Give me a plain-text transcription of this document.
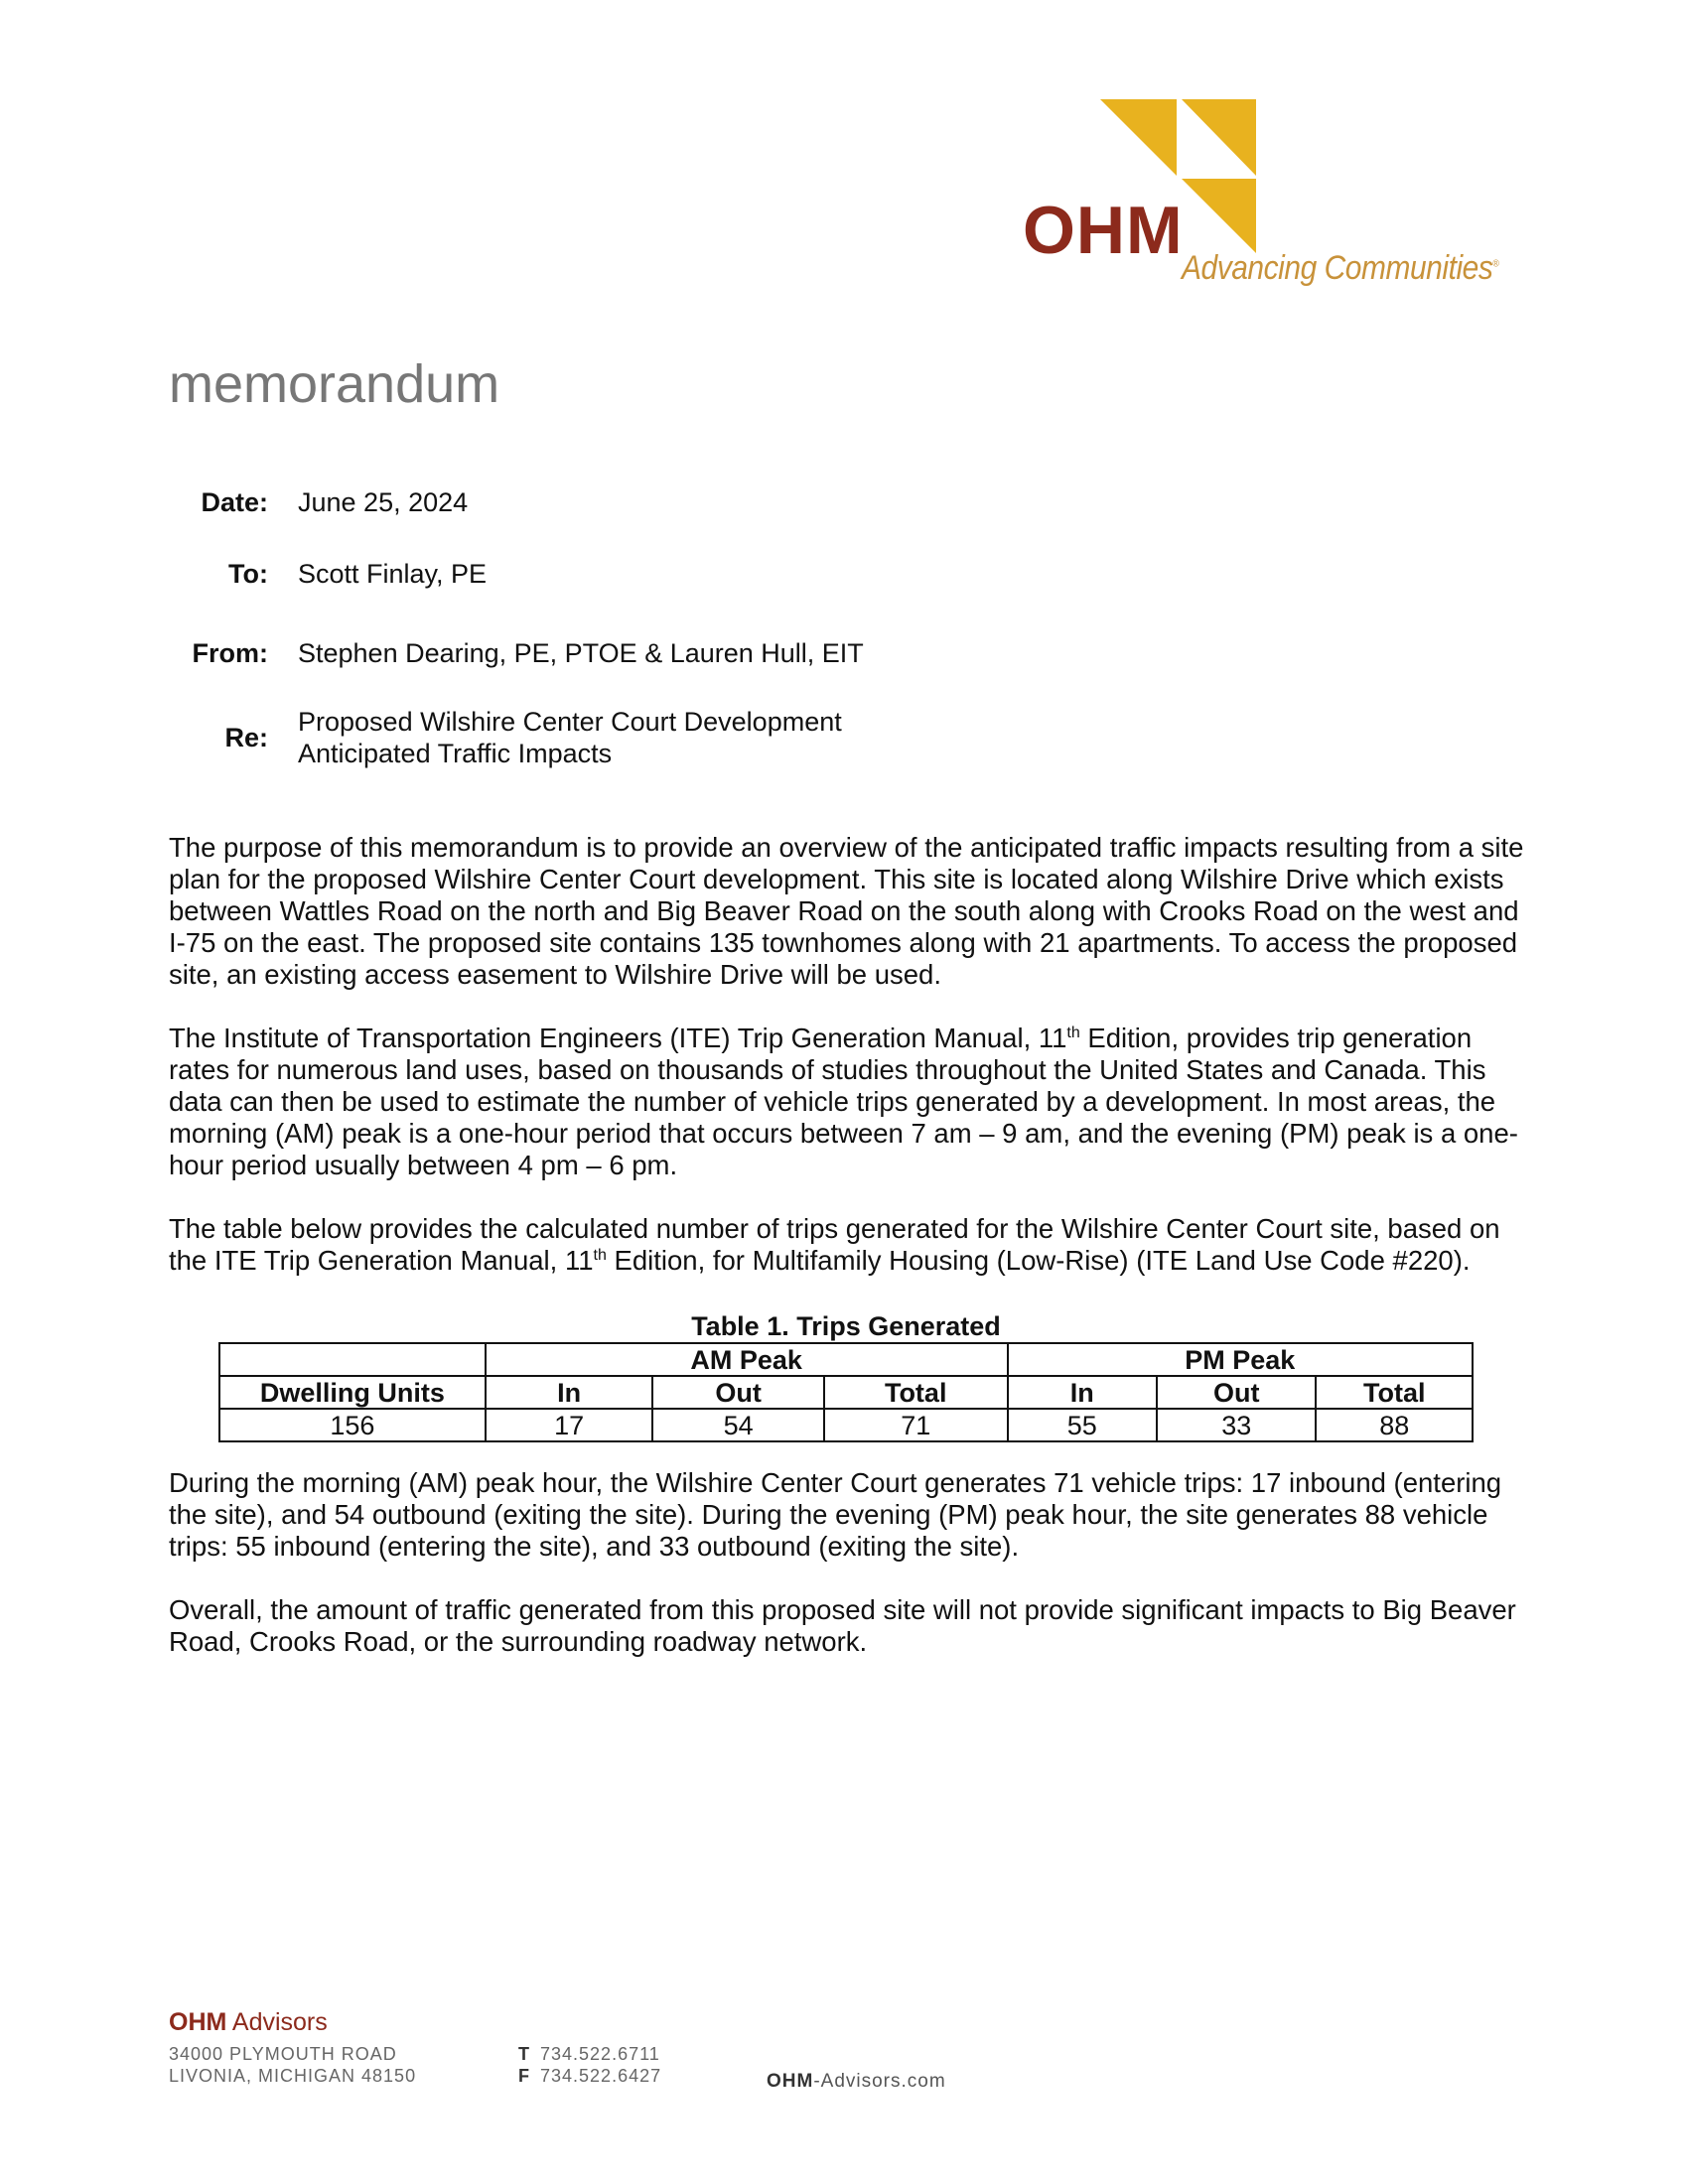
OHM
Advancing Communities®
memorandum
Date: June 25, 2024
To: Scott Finlay, PE
From: Stephen Dearing, PE, PTOE & Lauren Hull, EIT
Re:
Proposed Wilshire Center Court Development
Anticipated Traffic Impacts

The purpose of this memorandum is to provide an overview of the anticipated traffic impacts resulting from a site plan for the proposed Wilshire Center Court development. This site is located along Wilshire Drive which exists between Wattles Road on the north and Big Beaver Road on the south along with Crooks Road on the west and I-75 on the east. The proposed site contains 135 townhomes along with 21 apartments. To access the proposed site, an existing access easement to Wilshire Drive will be used.

The Institute of Transportation Engineers (ITE) Trip Generation Manual, 11th Edition, provides trip generation rates for numerous land uses, based on thousands of studies throughout the United States and Canada. This data can then be used to estimate the number of vehicle trips generated by a development. In most areas, the morning (AM) peak is a one-hour period that occurs between 7 am – 9 am, and the evening (PM) peak is a one-hour period usually between 4 pm – 6 pm.

The table below provides the calculated number of trips generated for the Wilshire Center Court site, based on the ITE Trip Generation Manual, 11th Edition, for Multifamily Housing (Low-Rise) (ITE Land Use Code #220).

Table 1. Trips Generated
	AM Peak			PM Peak		
Dwelling Units	In	Out	Total	In	Out	Total
156	17	54	71	55	33	88

During the morning (AM) peak hour, the Wilshire Center Court generates 71 vehicle trips: 17 inbound (entering the site), and 54 outbound (exiting the site). During the evening (PM) peak hour, the site generates 88 vehicle trips: 55 inbound (entering the site), and 33 outbound (exiting the site).

Overall, the amount of traffic generated from this proposed site will not provide significant impacts to Big Beaver Road, Crooks Road, or the surrounding roadway network.

OHM Advisors
34000 PLYMOUTH ROAD
LIVONIA, MICHIGAN 48150
T 734.522.6711
F 734.522.6427	OHM-Advisors.com
